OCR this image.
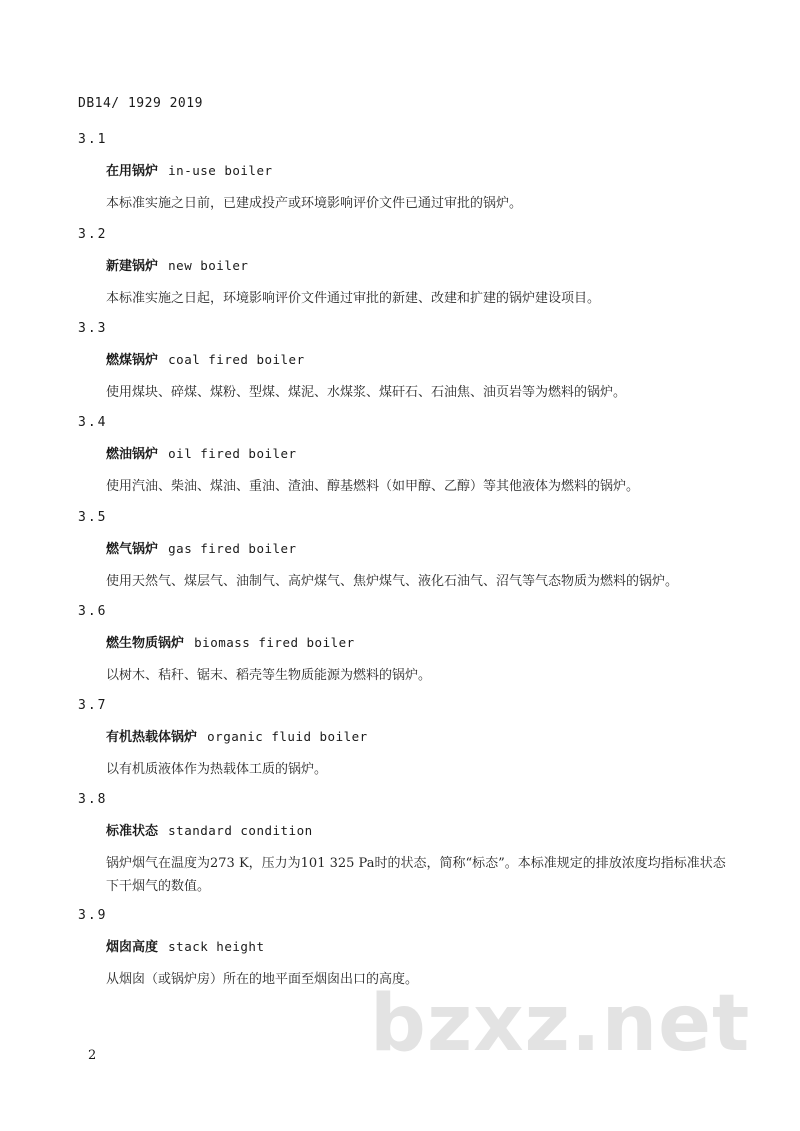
DB14/ 1929 2019
3.1
在用锅炉 in-use boiler
本标准实施之日前，已建成投产或环境影响评价文件已通过审批的锅炉。
3.2
新建锅炉 new boiler
本标准实施之日起，环境影响评价文件通过审批的新建、改建和扩建的锅炉建设项目。
3.3
燃煤锅炉 coal fired boiler
使用煤块、碎煤、煤粉、型煤、煤泥、水煤浆、煤矸石、石油焦、油页岩等为燃料的锅炉。
3.4
燃油锅炉 oil fired boiler
使用汽油、柴油、煤油、重油、渣油、醇基燃料（如甲醇、乙醇）等其他液体为燃料的锅炉。
3.5
燃气锅炉 gas fired boiler
使用天然气、煤层气、油制气、高炉煤气、焦炉煤气、液化石油气、沼气等气态物质为燃料的锅炉。
3.6
燃生物质锅炉 biomass fired boiler
以树木、秸秆、锯末、稻壳等生物质能源为燃料的锅炉。
3.7
有机热载体锅炉 organic fluid boiler
以有机质液体作为热载体工质的锅炉。
3.8
标准状态 standard condition
锅炉烟气在温度为273 K，压力为101 325 Pa时的状态，简称“标态”。本标准规定的排放浓度均指标准状态下干烟气的数值。
3.9
烟囱高度 stack height
从烟囱（或锅炉房）所在的地平面至烟囱出口的高度。
bzxz.net
2
